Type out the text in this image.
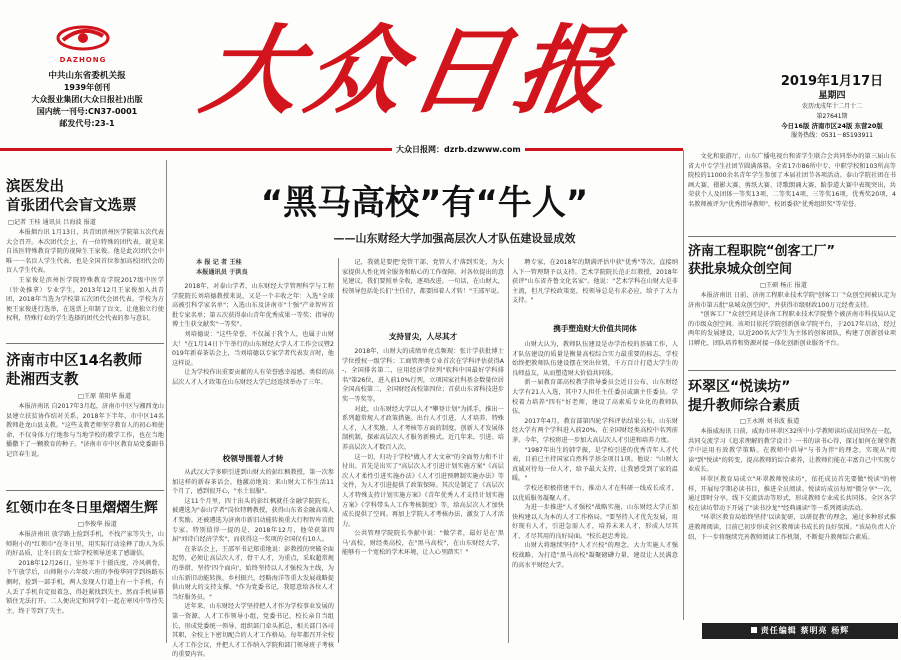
DAZHONG
中共山东省委机关报
1939年创刊
大众报业集团(大众日报社)出版
国内统一刊号:CN37-0001
邮发代号:23-1 大众日报	2019年1月17日
星期四
农历戊戌年十二月十二
第27641期
今日16版 济南市区24版 东营20版
服务热线：0531－85193911
大众日报网：dzrb.dzwww.com
滨医发出
首张团代会盲文选票
□记者 王桂 通讯员 吕海波 报道

本报烟台讯 1月13日，共青团滨州医学院第五次代表大会召开。本次团代会上，有一位特殊的团代表，就是来自该医特殊教育学院的视障生王家俊。他是此次团代会中唯一一名盲人学生代表，也是全国首位参加高校团代会的盲人学生代表。

王家俊是滨州医学院特殊教育学院2017级中医学（针灸推拿）专业学生，2013年12月王家俊加入共青团，2018年当选为学校第五次团代会团代表。学校为方便王家俊进行选举，在选票上印制了盲文，让他独立行使权利，特殊行业的学生选择的团代会代表的参与意识。

济南市中区14名教师
赴湘西支教
□王原 董阳华 报道

本报济南讯 自2017年3月起，济南市中区与湘西龙山县建立扶贫协作结对关系，2018年下半年，市中区14名教师赴龙山县支教。"这些支教老师坚守教育人的初心和使命，不仅身体力行地参与当地学校的教学工作，也在当地播撒下了一颗教育的种子。"济南市市中区教育局党委副书记宫春生说。

红领巾在冬日里熠熠生辉
□李俊华 报道

本报济南讯 放学路上捡到手机，不找产家等失主，山师附小的"红领巾"在冬日里，用实际行动诠释了助人为乐的好品质，让冬日的女士给学校领导送来了感谢信。

2018年12月26日，室外零下十摄氏度，冷风刺骨，下午放学后，山师附小六年级六班的李俊华同学到场路东侧时，捡到一部手机，两人发现人行道上有一个手机，有人丢了手机肯定很着急，得赶紧找到失主。然而手机屏幕锁住无法打开。二人便决定和同学们一起在寒风中等待失主，终于等到了失主。

“黑马高校”有“牛人”
——山东财经大学加强高层次人才队伍建设显成效
本 报 记 者 王桂
本报通讯员 于洪良

2018年，对泰山学者，山东财经大学管理科学与工程学院院长刘培德教授来说，又是一个丰收之年：入选"全球高被引科学家名单"；入选山东及济南市"十强"产业智库首批专家名单；第五次获得泰山青年优秀成果一等奖；指导的博士生获文献奖"一等奖"。

刘培德说："这些荣誉，不仅属于我个人，也属于山财大！"在1月14日下午举行的山东财经大学人才工作会议暨2019年新春茶话会上，当刘培德以专家学者代表发言时，他这样说。

让为学校作出重要贡献的人有荣誉感幸福感，类似的高层次人才人才政策在山东财经大学已经连续举办了三年。

校领导围着人才转

从武汉大学多职引进到山财大的彭红枫教授，第一次参加这样的新春茶话会。他激动地说：来山财大工作生活11个月了，感到很开心，"水土很服"。

这11个月里，四十出头的彭红枫就任金融学院院长，被遴选为"泰山学者"岗位特聘教授，获得山东省金融高端人才奖励。还被遴选为济南市新旧动能转换重大行程智库首批专家。特别值得一提的是，2018年12月，他荣获第四届"刘诗白经济学奖"，而获得这一奖项的全国仅有10人。

在茶话会上，王邵军书记郑重地说：彭教授的突破全面起势，必须让高层次人才，骨干人才，为重点，采取超常规的举措，坚持'四个面向'，始终坚持以人才强校为主线，为山东新旧动能转换、乡村振兴，经略海洋等重大发展战略提供山财大的支持支撑。"作为党委书记，我愿意给各位人才当好服务员。"

近年来，山东财经大学坚持把人才作为学校事业发展的第一资源，人才工作领导小组，党委书记、校长亲自当组长，形成党委统一领导、组织部门牵头抓总，相关部门各司其职，全校上下密切配合的人才工作格局。每年都召开全校人才工作会议，并把人才工作纳入学院和部门领导班子考核的重要内容。

记，我就是要把'党管干部、党管人才'落到实处，为大家提供人性化周全服务和贴心的工作保障。对各位提出的意见建议，我们要照单全收，逐项改进。一句话，在山财大，校领导包括处长们'主任们'，都要围着人才转！"王邵军说。

支持冒尖，人尽其才

2018年，山财大的成绩单亮点频现：张计学获批博士学位授权一级学科；工商管理类专业首次在学科评估获得A-，全国排名第二，应用经济学位列"软科中国最好学科排名"第26位，进入前10%行列，立项国家社科基金数量位居全国高校第二，全国财经高校第四位；首获山东省科技进步奖一等奖等。

对此，山东财经大学以人才"攀登计划"为抓手，推出一系列超常规人才政策措施。出台人才引进，人才培养、特殊人才，人才奖励、人才考核等方面的制度，创新人才发展体制机制，探索高层次人才服务新模式。近几年来，引进、培养高层次人才数百人次。

这一切，归功于学校"做人才大文章"的全面努力和不计付出。首先是出实了"高层次人才引进计划实施方案"《高层次人才柔性引进实施办法》《人才引进预聘制实施办法》等文件，为人才引进提供了政策保障。其次是制定了《高层次人才特殊支持计划实施方案》《青年优秀人才支持计划实施方案》《学科带头人工作考核制度》等，给高层次人才加快成长提供了空间。再加上学院人才考核办法，激发了人才活力。

公共管理学院院长李献中说："做学者，最好是在'黑马'高校，财经类高校，在"黑马高校"，在山东财经大学，能够有一个宽松的学术环境，让人心里踏实！"

聘专家，在2018年的期满评估中获"优秀"等次。直接纳入下一管理期予以支持。艺术学院院长范正红教授，2018年获评"山东省齐鲁文化名家"。他说："艺术学科在山财大是非主流，但凡学校政策宽，校领导总是有求必应，给予了大力支持。"

携手塑造财大价值共同体

山财大认为，教师队伍建设是办学治校的基础工作，人才队伍建设的质量是衡量高校综合实力最重要的标志。学校始终把教师队伍建设摆在突出位置，千方百计打造大学生的良师益友，从而塑造财大价值共同体。

新一届教育部高校教学指导委员会近日公布，山东财经大学有21人入选，其中7人担任主任委员或副主任委员。学校着力培养"四有"好老师，建设了高素质专业化的教师队伍。

2017年4月，教育部第四轮学科评估结果公布，山东财经大学有两个学科进入前20%，在全国财经类高校中名列前茅。今年，学校将进一步加大高层次人才引进和培养力度。

"1987年出生的韩学振，是学校引进的优秀青年人才代表，目前已主持国家自然科学基金项目1项。他说："山财大真诚对待每一位人才，给予最大支持，让我感受到了家的温暖。"

学校还积极搭建平台，推动人才在科研一线成长成才，以优质服务凝聚人才。

为进一步推进"人才强校"战略实施，山东财经大学正加快构建以人为本的人才工作格局。"要坚持人才优先发展，用好现有人才，引进急需人才，培养未来人才，形成人尽其才、才尽其用的良好局面。"校长赵忠秀说。

山财大将继续坚持"人才兴校"的理念，大力实施人才强校战略，为打造"黑马高校"凝聚磅礴力量，建设让人民满意的高水平财经大学。

文化和旅游厅，山东广播电视台和省学生联合会共同举办的第三届山东省大中专学生社团节圆满落幕。全省17市86所中专、中职学校和103所高等院校的11000余名青年学生参加了本届社团节各项活动。泰山学院社团在书画大赛、摄影大赛、剪纸大赛、诗歌朗诵大赛、跆拳道大赛中表现突出，共荣获个人及团体一等奖13项、二等奖14项、三等奖16项，优秀奖20项，4名教师被评为"优秀指导教师"，校团委获"优秀组织奖"等荣誉。

济南工程职院“创客工厂”
获批泉城众创空间
□王硕 杨正 报道

本报济南讯 日前，济南工程职业技术学院"创客工厂"众创空间被认定为济南市第五批"泉城众创空间"，并获得市级财政100万元经费支持。

"创客工厂"众创空间是济南工程职业技术学院整个被济南市科技局认定的市级众创空间。该项目依托学院创新创业学院平台，于2017年启动，经过两年的发展建设，以近200名大学生为主体的创客团队，构建了创新创业项目孵化、团队培养和资源对接一体化创新创业服务平台。

环翠区“悦读坊”
提升教师综合素质
□王永刚 刘书波 报道

本报威海讯 日前，威海市环翠区32所中小学教师读坊成员围坐在一起，共同交流学习《追求理解的教学设计》一书的读书心得，探讨如何在课堂教学中运用有效教学策略。在教师中倡导"与书为伴"的理念，实现从"阅读"到"悦读"的转变，提高教师的综合素养，让教师们能在丰富自己中实现专业成长。

环翠区教育局成立"环翠教师悦读坊"，依托成员首先要做"悦读"的榜样，开展每学期必读书目，推进全员阅读。悦读坊成员每周"微分享"一次，通过即时分享，线下交流活动等形式，形成教师专业成长共同体。全区各学校在读坊带动下开展了"读书沙龙""经典诵读"等一系列阅读活动。

"环翠区教育局始终坚持'以读促研，以研促教'的理念，通过多种形式推进教师阅读，目前已初步形成全区教师读书成长的良好氛围。"该局负责人介绍，下一步将继续完善教师阅读工作机制，不断提升教师综合素质。

责任编辑 蔡明亮 杨辉
